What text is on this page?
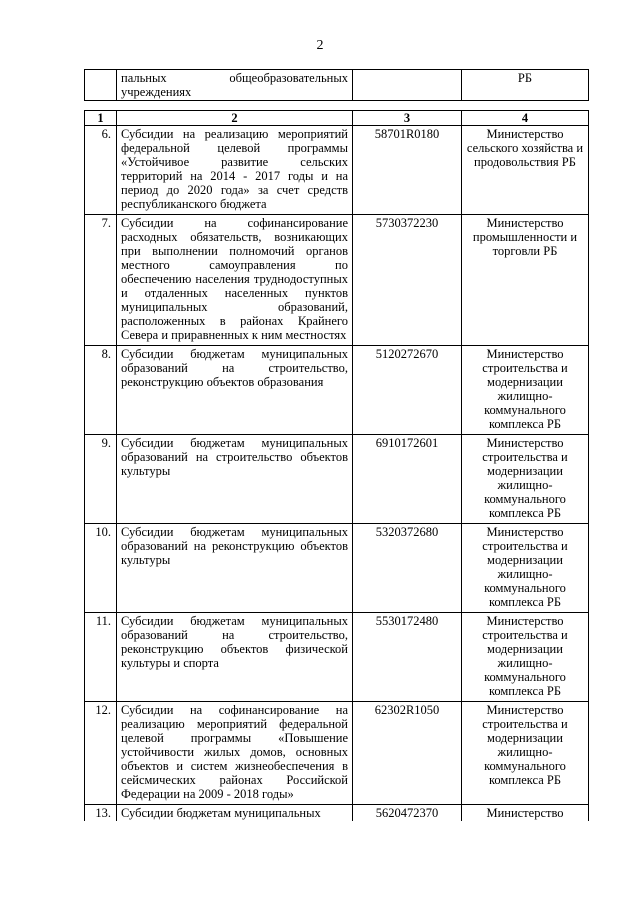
2
	пальных общеобразовательных учреждениях		РБ
1	2	3	4
6.	Субсидии на реализацию мероприятий федеральной целевой программы «Устойчивое развитие сельских территорий на 2014 - 2017 годы и на период до 2020 года» за счет средств республиканского бюджета	58701R0180	Министерство сельского хозяйства и продовольствия РБ
7.	Субсидии на софинансирование расходных обязательств, возникающих при выполнении полномочий органов местного самоуправления по обеспечению населения труднодоступных и отдаленных населенных пунктов муниципальных образований, расположенных в районах Крайнего Севера и приравненных к ним местностях	5730372230	Министерство промышленности и торговли РБ
8.	Субсидии бюджетам муниципальных образований на строительство, реконструкцию объектов образования	5120272670	Министерство строительства и модернизации жилищно-коммунального комплекса РБ
9.	Субсидии бюджетам муниципальных образований на строительство объектов культуры	6910172601	Министерство строительства и модернизации жилищно-коммунального комплекса РБ
10.	Субсидии бюджетам муниципальных образований на реконструкцию объектов культуры	5320372680	Министерство строительства и модернизации жилищно-коммунального комплекса РБ
11.	Субсидии бюджетам муниципальных образований на строительство, реконструкцию объектов физической культуры и спорта	5530172480	Министерство строительства и модернизации жилищно-коммунального комплекса РБ
12.	Субсидии на софинансирование на реализацию мероприятий федеральной целевой программы «Повышение устойчивости жилых домов, основных объектов и систем жизнеобеспечения в сейсмических районах Российской Федерации на 2009 - 2018 годы»	62302R1050	Министерство строительства и модернизации жилищно-коммунального комплекса РБ
13.	Субсидии бюджетам муниципальных	5620472370	Министерство
